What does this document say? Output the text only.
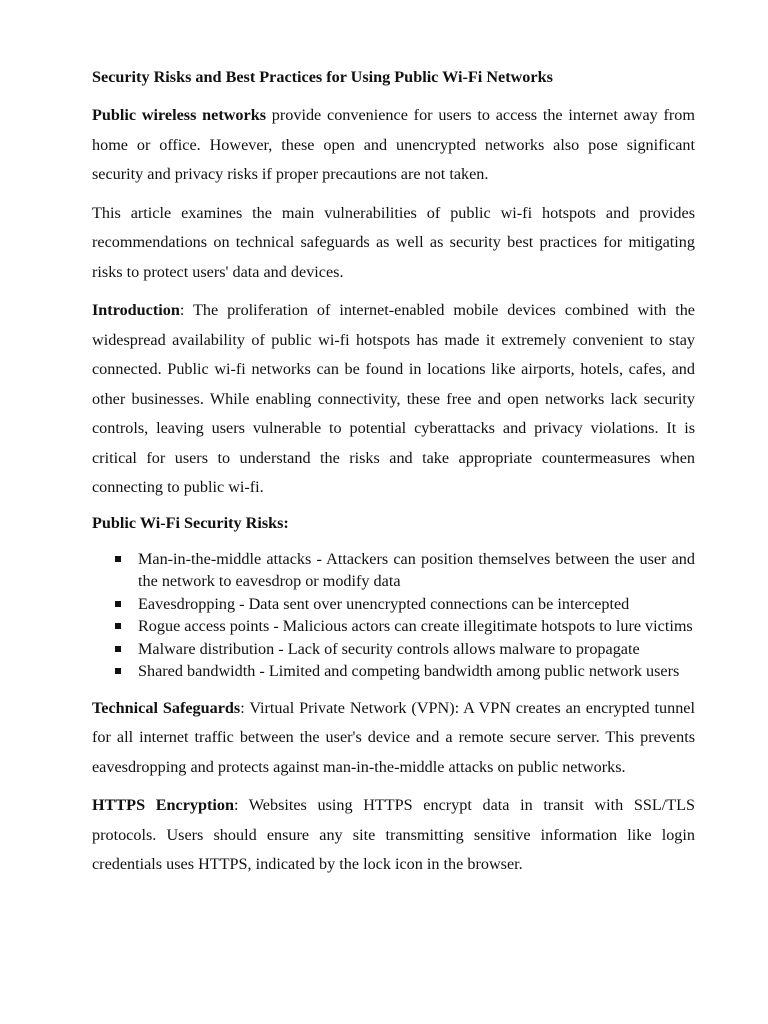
Security Risks and Best Practices for Using Public Wi-Fi Networks

Public wireless networks provide convenience for users to access the internet away from home or office. However, these open and unencrypted networks also pose significant security and privacy risks if proper precautions are not taken.

This article examines the main vulnerabilities of public wi-fi hotspots and provides recommendations on technical safeguards as well as security best practices for mitigating risks to protect users' data and devices.

Introduction: The proliferation of internet-enabled mobile devices combined with the widespread availability of public wi-fi hotspots has made it extremely convenient to stay connected. Public wi-fi networks can be found in locations like airports, hotels, cafes, and other businesses. While enabling connectivity, these free and open networks lack security controls, leaving users vulnerable to potential cyberattacks and privacy violations. It is critical for users to understand the risks and take appropriate countermeasures when connecting to public wi-fi.

Public Wi-Fi Security Risks:
Man-in-the-middle attacks - Attackers can position themselves between the user and the network to eavesdrop or modify data
Eavesdropping - Data sent over unencrypted connections can be intercepted
Rogue access points - Malicious actors can create illegitimate hotspots to lure victims
Malware distribution - Lack of security controls allows malware to propagate
Shared bandwidth - Limited and competing bandwidth among public network users

Technical Safeguards: Virtual Private Network (VPN): A VPN creates an encrypted tunnel for all internet traffic between the user's device and a remote secure server. This prevents eavesdropping and protects against man-in-the-middle attacks on public networks.

HTTPS Encryption: Websites using HTTPS encrypt data in transit with SSL/TLS protocols. Users should ensure any site transmitting sensitive information like login credentials uses HTTPS, indicated by the lock icon in the browser.
